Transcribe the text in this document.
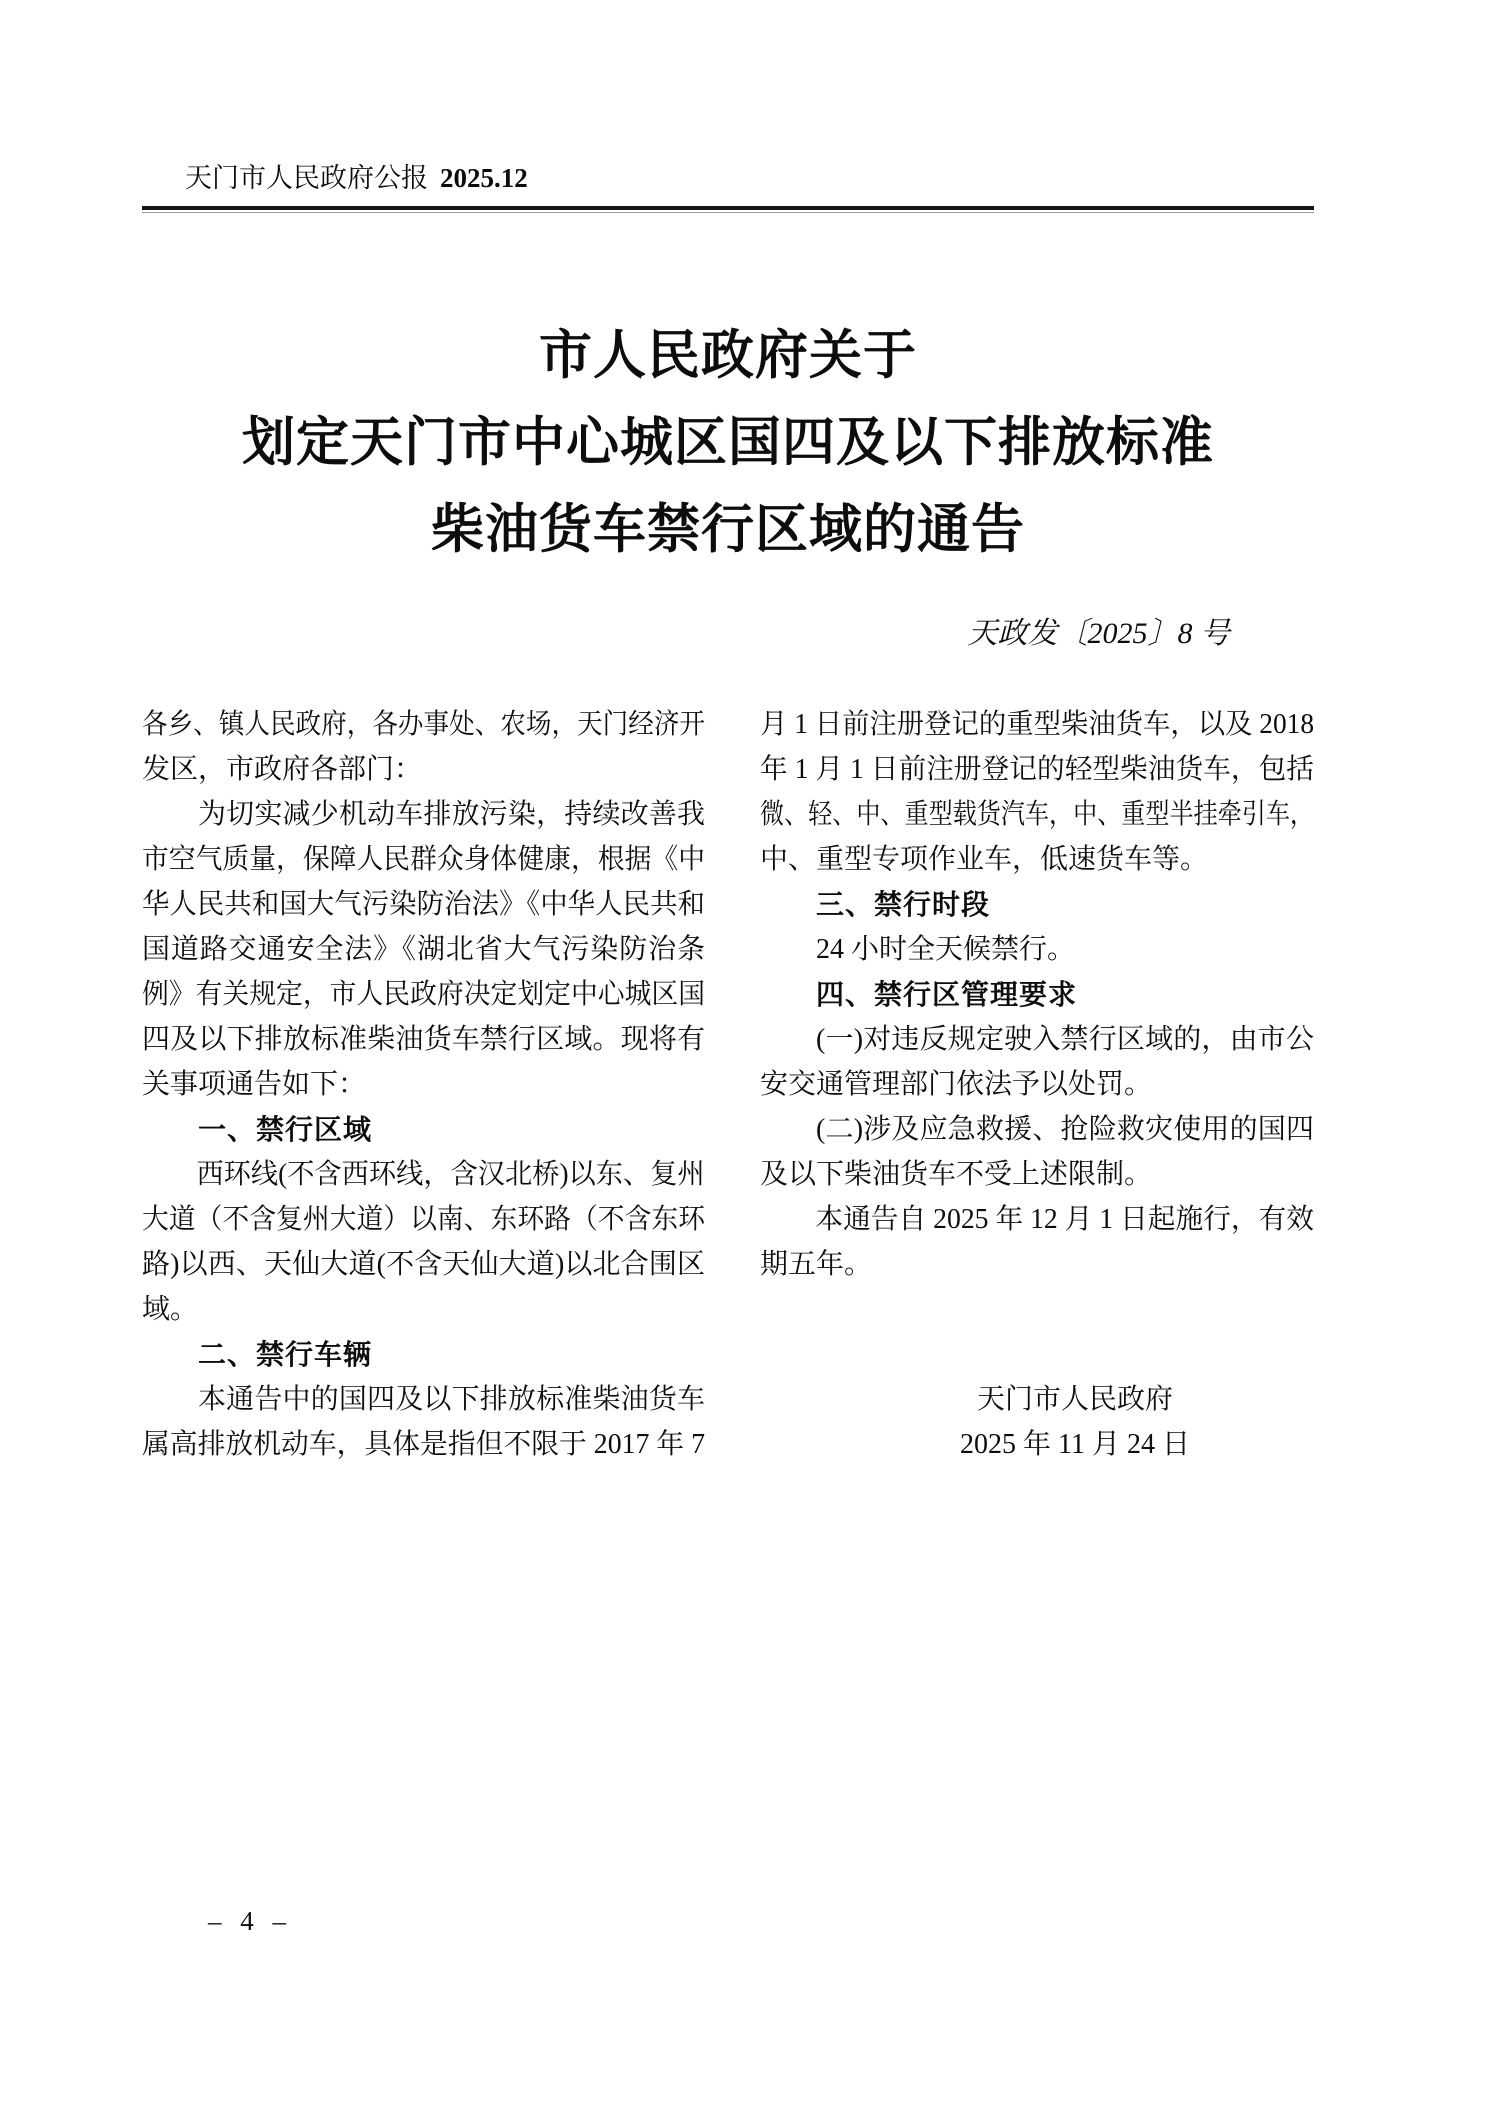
天门市人民政府公报 2025.12
市人民政府关于
划定天门市中心城区国四及以下排放标准
柴油货车禁行区域的通告
天政发〔2025〕8 号
各乡、镇人民政府，各办事处、农场，天门经济开
发区，市政府各部门：
为切实减少机动车排放污染，持续改善我
市空气质量，保障人民群众身体健康，根据《中
华人民共和国大气污染防治法》《中华人民共和
国道路交通安全法》《湖北省大气污染防治条
例》有关规定，市人民政府决定划定中心城区国
四及以下排放标准柴油货车禁行区域。现将有
关事项通告如下：
一、禁行区域
西环线(不含西环线，含汉北桥)以东、复州
大道（不含复州大道）以南、东环路（不含东环
路)以西、天仙大道(不含天仙大道)以北合围区
域。
二、禁行车辆
本通告中的国四及以下排放标准柴油货车
属高排放机动车，具体是指但不限于 2017 年 7
月 1 日前注册登记的重型柴油货车，以及 2018
年 1 月 1 日前注册登记的轻型柴油货车，包括
微、轻、中、重型载货汽车，中、重型半挂牵引车，
中、重型专项作业车，低速货车等。
三、禁行时段
24 小时全天候禁行。
四、禁行区管理要求
(一)对违反规定驶入禁行区域的，由市公
安交通管理部门依法予以处罚。
(二)涉及应急救援、抢险救灾使用的国四
及以下柴油货车不受上述限制。
本通告自 2025 年 12 月 1 日起施行，有效
期五年。
天门市人民政府
2025 年 11 月 24 日
– 4 –
